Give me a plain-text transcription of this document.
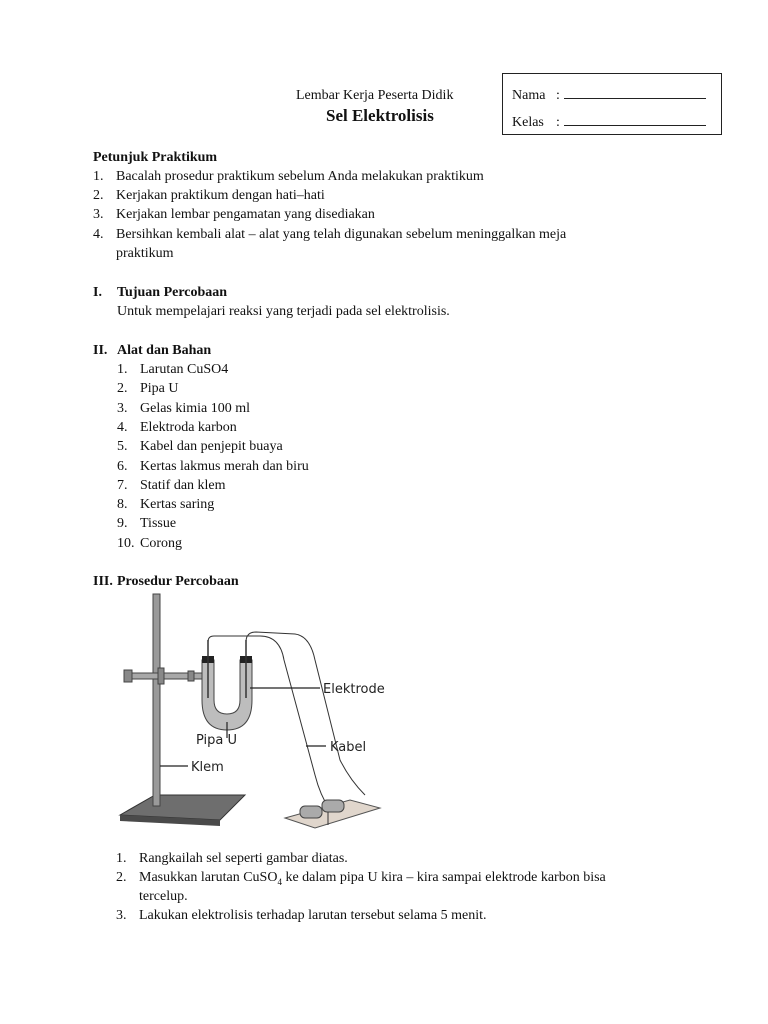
Lembar Kerja Peserta Didik
Sel Elektrolisis
Nama :
Kelas :
Petunjuk Praktikum
1. Bacalah prosedur praktikum sebelum Anda melakukan praktikum
2. Kerjakan praktikum dengan hati–hati
3. Kerjakan lembar pengamatan yang disediakan
4. Bersihkan kembali alat – alat yang telah digunakan sebelum meninggalkan meja
praktikum
I. Tujuan Percobaan
Untuk mempelajari reaksi yang terjadi pada sel elektrolisis.
II. Alat dan Bahan
1. Larutan CuSO4
2. Pipa U
3. Gelas kimia 100 ml
4. Elektroda karbon
5. Kabel dan penjepit buaya
6. Kertas lakmus merah dan biru
7. Statif dan klem
8. Kertas saring
9. Tissue
10. Corong
III. Prosedur Percobaan
Elektrode
Pipa U	Kabel
Klem
1. Rangkailah sel seperti gambar diatas.
2. Masukkan larutan CuSO$_4$ ke dalam pipa U kira – kira sampai elektrode karbon bisa
tercelup.
3. Lakukan elektrolisis terhadap larutan tersebut selama 5 menit.
